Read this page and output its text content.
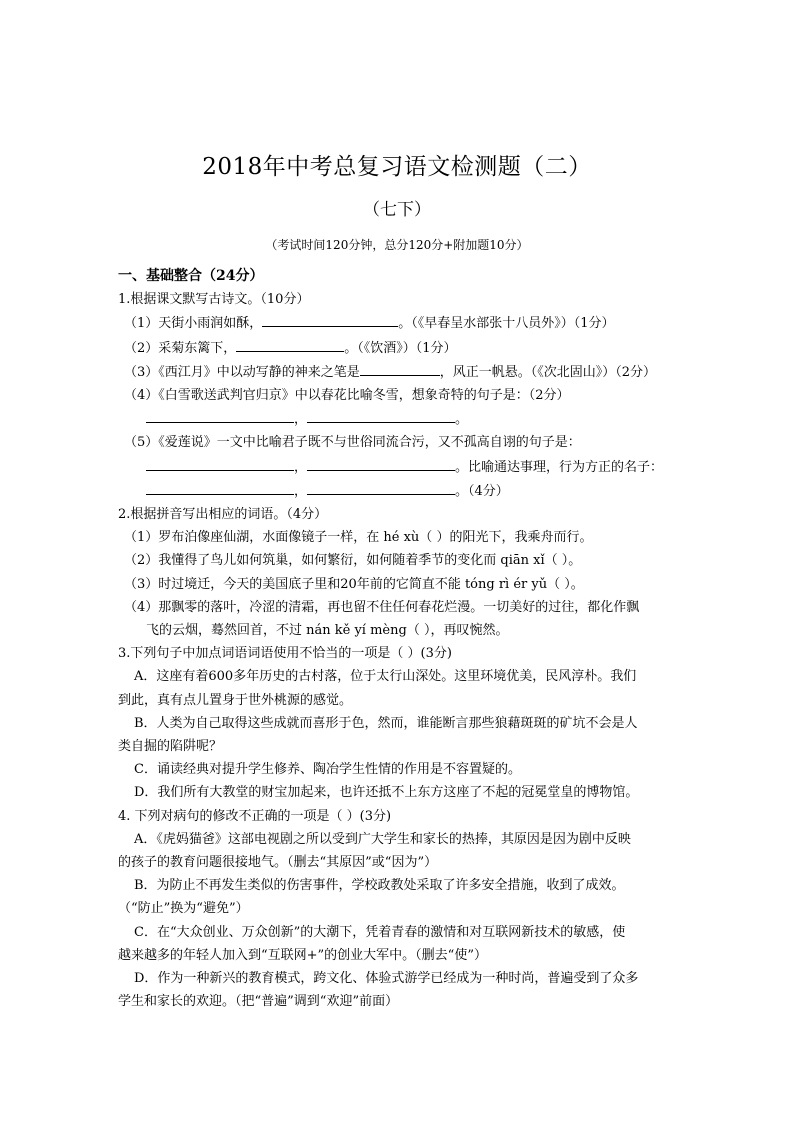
2018年中考总复习语文检测题（二）
（七下）
（考试时间120分钟，总分120分+附加题10分）
一、基础整合（24分）
1.根据课文默写古诗文。（10分）
（1）天街小雨润如酥，	。（《早春呈水部张十八员外》）（1分）
（2）采菊东篱下，	。（《饮酒》）（1分）
（3）《西江月》中以动写静的神来之笔是	，风正一帆悬。（《次北固山》）（2分）
（4）《白雪歌送武判官归京》中以春花比喻冬雪，想象奇特的句子是：（2分）
，	。
（5）《爱莲说》一文中比喻君子既不与世俗同流合污，又不孤高自诩的句子是：
，	。比喻通达事理，行为方正的名子：
，	。（4分）
2.根据拼音写出相应的词语。（4分）
（1）罗布泊像座仙湖，水面像镜子一样，在 hé xù（ ）的阳光下，我乘舟而行。
（2）我懂得了鸟儿如何筑巢，如何繁衍，如何随着季节的变化而 qiān xǐ（ ）。
（3）时过境迁，今天的美国底子里和20年前的它简直不能 tóng rì ér yǔ（ ）。
（4）那飘零的落叶，冷涩的清霜，再也留不住任何春花烂漫。一切美好的过往，都化作飘
飞的云烟，蓦然回首，不过 nán kě yí mèng（ ），再叹惋然。
3.下列句子中加点词语词语使用不恰当的一项是（ ）(3分)
A．这座有着600多年历史的古村落，位于太行山深处。这里环境优美，民风淳朴。我们
到此，真有点儿置身于世外桃源的感觉。
B．人类为自己取得这些成就而喜形于色，然而，谁能断言那些狼藉斑斑的矿坑不会是人
类自掘的陷阱呢？
C．诵读经典对提升学生修养、陶冶学生性情的作用是不容置疑的。
D．我们所有大教堂的财宝加起来，也许还抵不上东方这座了不起的冠冕堂皇的博物馆。
4. 下列对病句的修改不正确的一项是（ ）(3分)
A．《虎妈猫爸》这部电视剧之所以受到广大学生和家长的热捧，其原因是因为剧中反映
的孩子的教育问题很接地气。（删去“其原因”或“因为”）
B．为防止不再发生类似的伤害事件，学校政教处采取了许多安全措施，收到了成效。
（“防止”换为“避免”）
C．在“大众创业、万众创新”的大潮下，凭着青春的激情和对互联网新技术的敏感，使
越来越多的年轻人加入到“互联网+”的创业大军中。（删去“使”）
D．作为一种新兴的教育模式，跨文化、体验式游学已经成为一种时尚，普遍受到了众多
学生和家长的欢迎。（把“普遍”调到“欢迎”前面）
